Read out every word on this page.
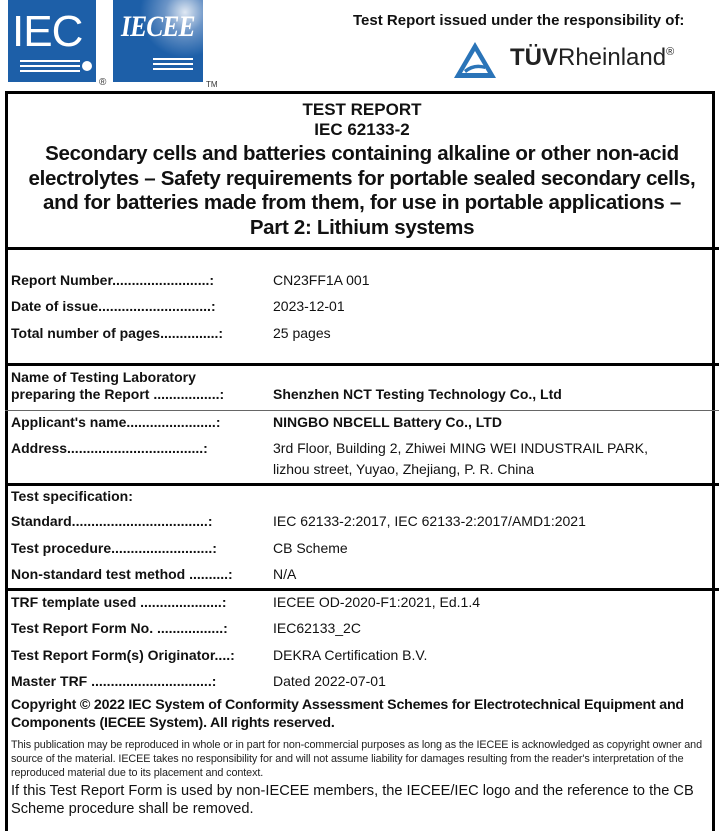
IEC
®
IECEE
TM
Test Report issued under the responsibility of:
TÜVRheinland®
TEST REPORT
IEC 62133-2
Secondary cells and batteries containing alkaline or other non-acid
electrolytes – Safety requirements for portable sealed secondary cells,
and for batteries made from them, for use in portable applications –
Part 2: Lithium systems
Report Number.........................:	CN23FF1A 001
Date of issue.............................:	2023-12-01
Total number of pages...............:	25 pages
Name of Testing Laboratory
preparing the Report .................:	Shenzhen NCT Testing Technology Co., Ltd
Applicant's name.......................:	NINGBO NBCELL Battery Co., LTD
Address...................................:	3rd Floor, Building 2, Zhiwei MING WEI INDUSTRAIL PARK,
lizhou street, Yuyao, Zhejiang, P. R. China
Test specification:
Standard...................................:	IEC 62133-2:2017, IEC 62133-2:2017/AMD1:2021
Test procedure..........................:	CB Scheme
Non-standard test method ..........:	N/A
TRF template used .....................:	IECEE OD-2020-F1:2021, Ed.1.4
Test Report Form No. .................:	IEC62133_2C
Test Report Form(s) Originator....:	DEKRA Certification B.V.
Master TRF ...............................:	Dated 2022-07-01
Copyright © 2022 IEC System of Conformity Assessment Schemes for Electrotechnical Equipment and Components (IECEE System). All rights reserved.
This publication may be reproduced in whole or in part for non-commercial purposes as long as the IECEE is acknowledged as copyright owner and source of the material. IECEE takes no responsibility for and will not assume liability for damages resulting from the reader's interpretation of the reproduced material due to its placement and context.
If this Test Report Form is used by non-IECEE members, the IECEE/IEC logo and the reference to the CB Scheme procedure shall be removed.
